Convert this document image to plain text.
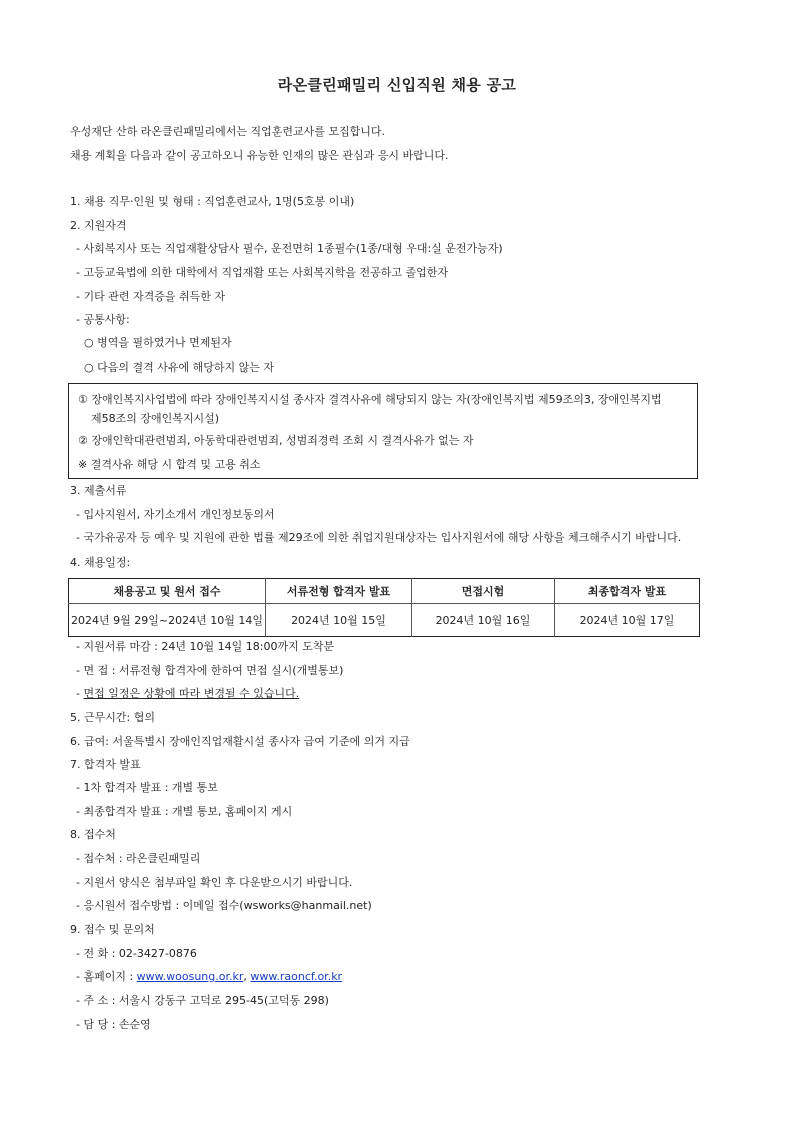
라온클린패밀리 신입직원 채용 공고
우성재단 산하 라온클린패밀리에서는 직업훈련교사를 모집합니다.
채용 계획을 다음과 같이 공고하오니 유능한 인재의 많은 관심과 응시 바랍니다.
1. 채용 직무·인원 및 형태 : 직업훈련교사, 1명(5호봉 이내)
2. 지원자격
- 사회복지사 또는 직업재활상담사 필수, 운전면허 1종필수(1종/대형 우대:실 운전가능자)
- 고등교육법에 의한 대학에서 직업재활 또는 사회복지학을 전공하고 졸업한자
- 기타 관련 자격증을 취득한 자
- 공통사항:
○ 병역을 필하였거나 면제된자
○ 다음의 결격 사유에 해당하지 않는 자
① 장애인복지사업법에 따라 장애인복지시설 종사자 결격사유에 해당되지 않는 자(장애인복지법 제59조의3, 장애인복지법
제58조의 장애인복지시설)
② 장애인학대관련범죄, 아동학대관련범죄, 성범죄경력 조회 시 결격사유가 없는 자
※ 결격사유 해당 시 합격 및 고용 취소
3. 제출서류
- 입사지원서, 자기소개서 개인정보동의서
- 국가유공자 등 예우 및 지원에 관한 법률 제29조에 의한 취업지원대상자는 입사지원서에 해당 사항을 체크해주시기 바랍니다.
4. 채용일정:
채용공고 및 원서 접수	서류전형 합격자 발표	면접시험	최종합격자 발표
2024년 9월 29일~2024년 10월 14일	2024년 10월 15일	2024년 10월 16일	2024년 10월 17일
- 지원서류 마감 : 24년 10월 14일 18:00까지 도착분
- 면 접 : 서류전형 합격자에 한하여 면접 실시(개별통보)
- 면접 일정은 상황에 따라 변경될 수 있습니다.
5. 근무시간: 협의
6. 급여: 서울특별시 장애인직업재활시설 종사자 급여 기준에 의거 지급
7. 합격자 발표
- 1차 합격자 발표 : 개별 통보
- 최종합격자 발표 : 개별 통보, 홈페이지 게시
8. 접수처
- 접수처 : 라온클린패밀리
- 지원서 양식은 첨부파일 확인 후 다운받으시기 바랍니다.
- 응시원서 접수방법 : 이메일 접수(wsworks@hanmail.net)
9. 접수 및 문의처
- 전 화 : 02-3427-0876
- 홈페이지 : www.woosung.or.kr, www.raoncf.or.kr
- 주 소 : 서울시 강동구 고덕로 295-45(고덕동 298)
- 담 당 : 손순영
